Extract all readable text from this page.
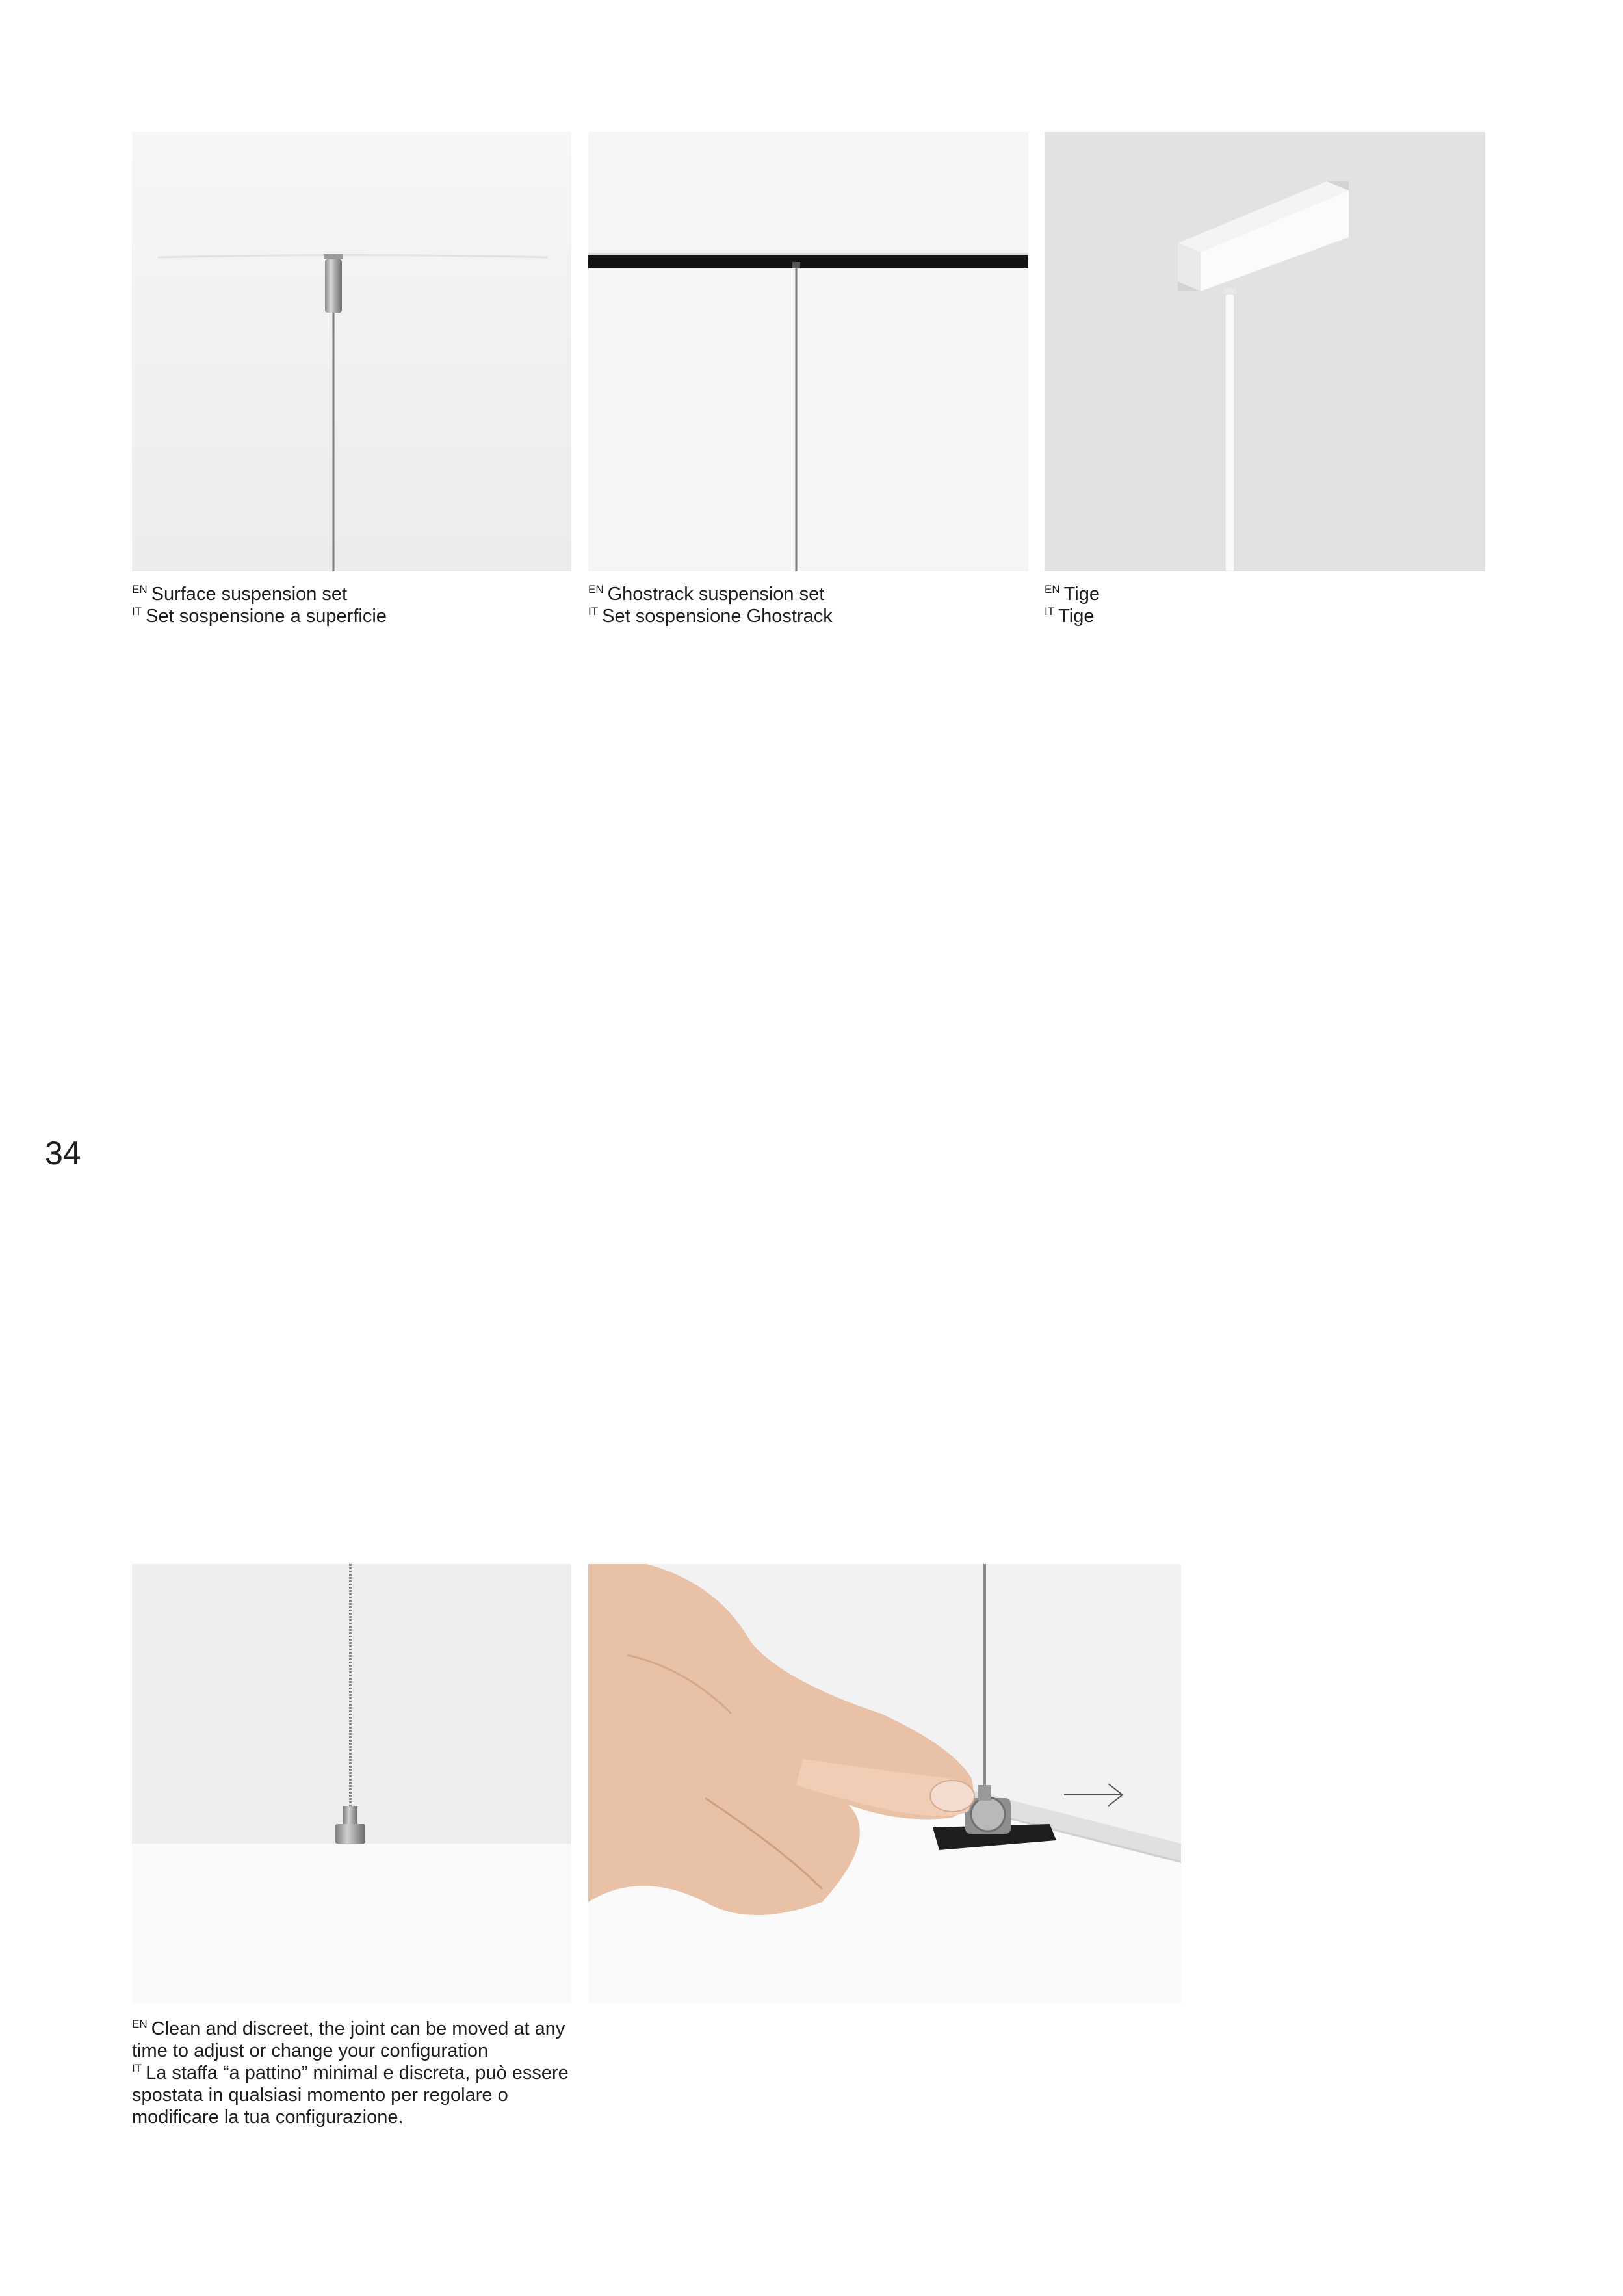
$^{EN}$ Surface suspension set
$^{IT}$ Set sospensione a superficie
$^{EN}$ Ghostrack suspension set
$^{IT}$ Set sospensione Ghostrack
$^{EN}$ Tige
$^{IT}$ Tige
34
$^{EN}$ Clean and discreet, the joint can be moved at any time to adjust or change your configuration
$^{IT}$ La staffa “a pattino” minimal e discreta, può essere spostata in qualsiasi momento per regolare o modificare la tua configurazione.
